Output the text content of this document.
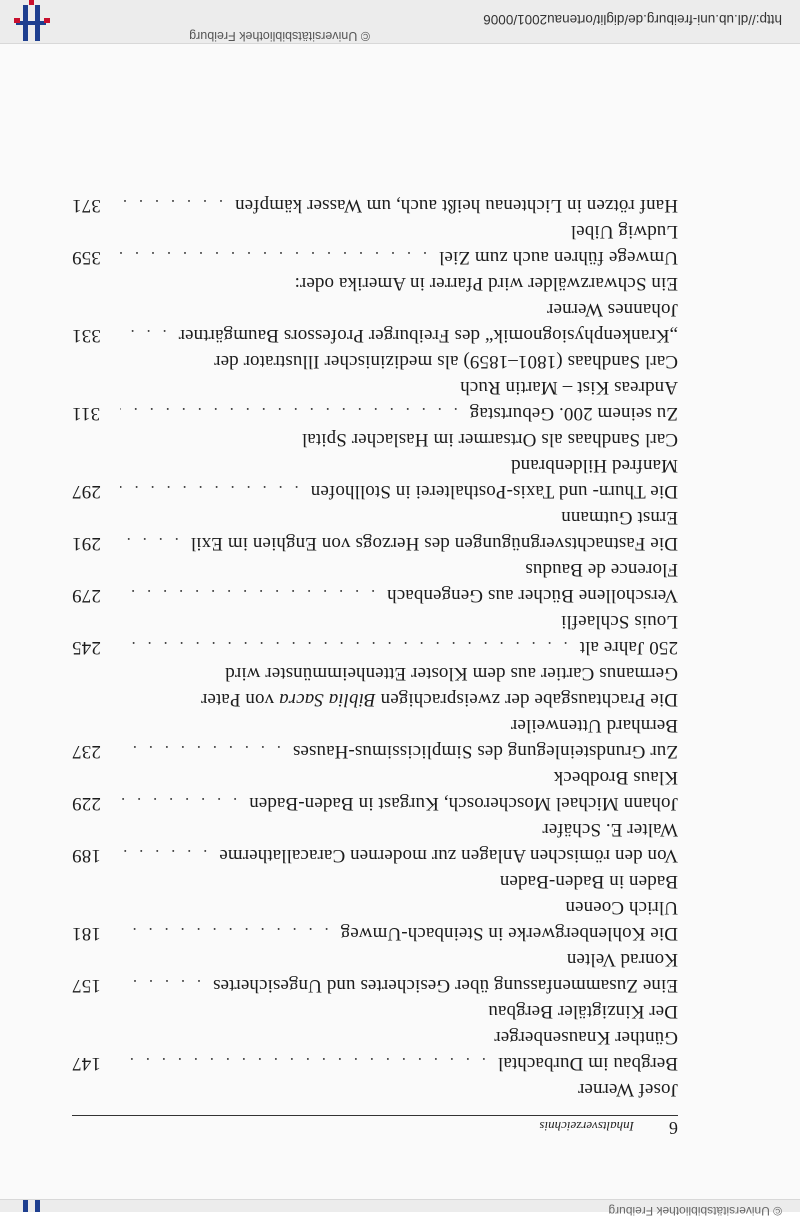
© Universitätsbibliothek Freiburg
6
Inhaltsverzeichnis
Josef Werner
Bergbau im Durbachtal
. . .
147
Günther Knausenberger
Der Kinzigtäler Bergbau
Eine Zusammenfassung über Gesichertes und Ungesichertes
. . .
157
Konrad Velten
Die Kohlenbergwerke in Steinbach-Umweg
. . .
181
Ulrich Coenen
Baden in Baden-Baden
Von den römischen Anlagen zur modernen Caracallatherme
. . .
189
Walter E. Schäfer
Johann Michael Moscherosch, Kurgast in Baden-Baden
. . .
229
Klaus Brodbeck
Zur Grundsteinlegung des Simplicissimus-Hauses
. . .
237
Bernhard Uttenweiler
Die Prachtausgabe der zweisprachigen Biblia Sacra von Pater
Germanus Cartier aus dem Kloster Ettenheimmünster wird
250 Jahre alt
. . .
245
Louis Schlaefli
Verschollene Bücher aus Gengenbach
. . .
279
Florence de Baudus
Die Fastnachtsvergnügungen des Herzogs von Enghien im Exil
. . .
291
Ernst Gutmann
Die Thurn- und Taxis-Posthalterei in Stollhofen
. . .
297
Manfred Hildenbrand
Carl Sandhaas als Ortsarmer im Haslacher Spital
Zu seinem 200. Geburtstag
. . .
311
Andreas Kist – Martin Ruch
Carl Sandhaas (1801–1859) als medizinischer Illustrator der
„Krankenphysiognomik“ des Freiburger Professors Baumgärtner
. . .
331
Johannes Werner
Ein Schwarzwälder wird Pfarrer in Amerika oder:
Umwege führen auch zum Ziel
. . .
359
Ludwig Uibel
Hanf rötzen in Lichtenau heißt auch, um Wasser kämpfen
. . .
371
© Universitätsbibliothek Freiburg
http://dl.ub.uni-freiburg.de/diglit/ortenau2001/0006
